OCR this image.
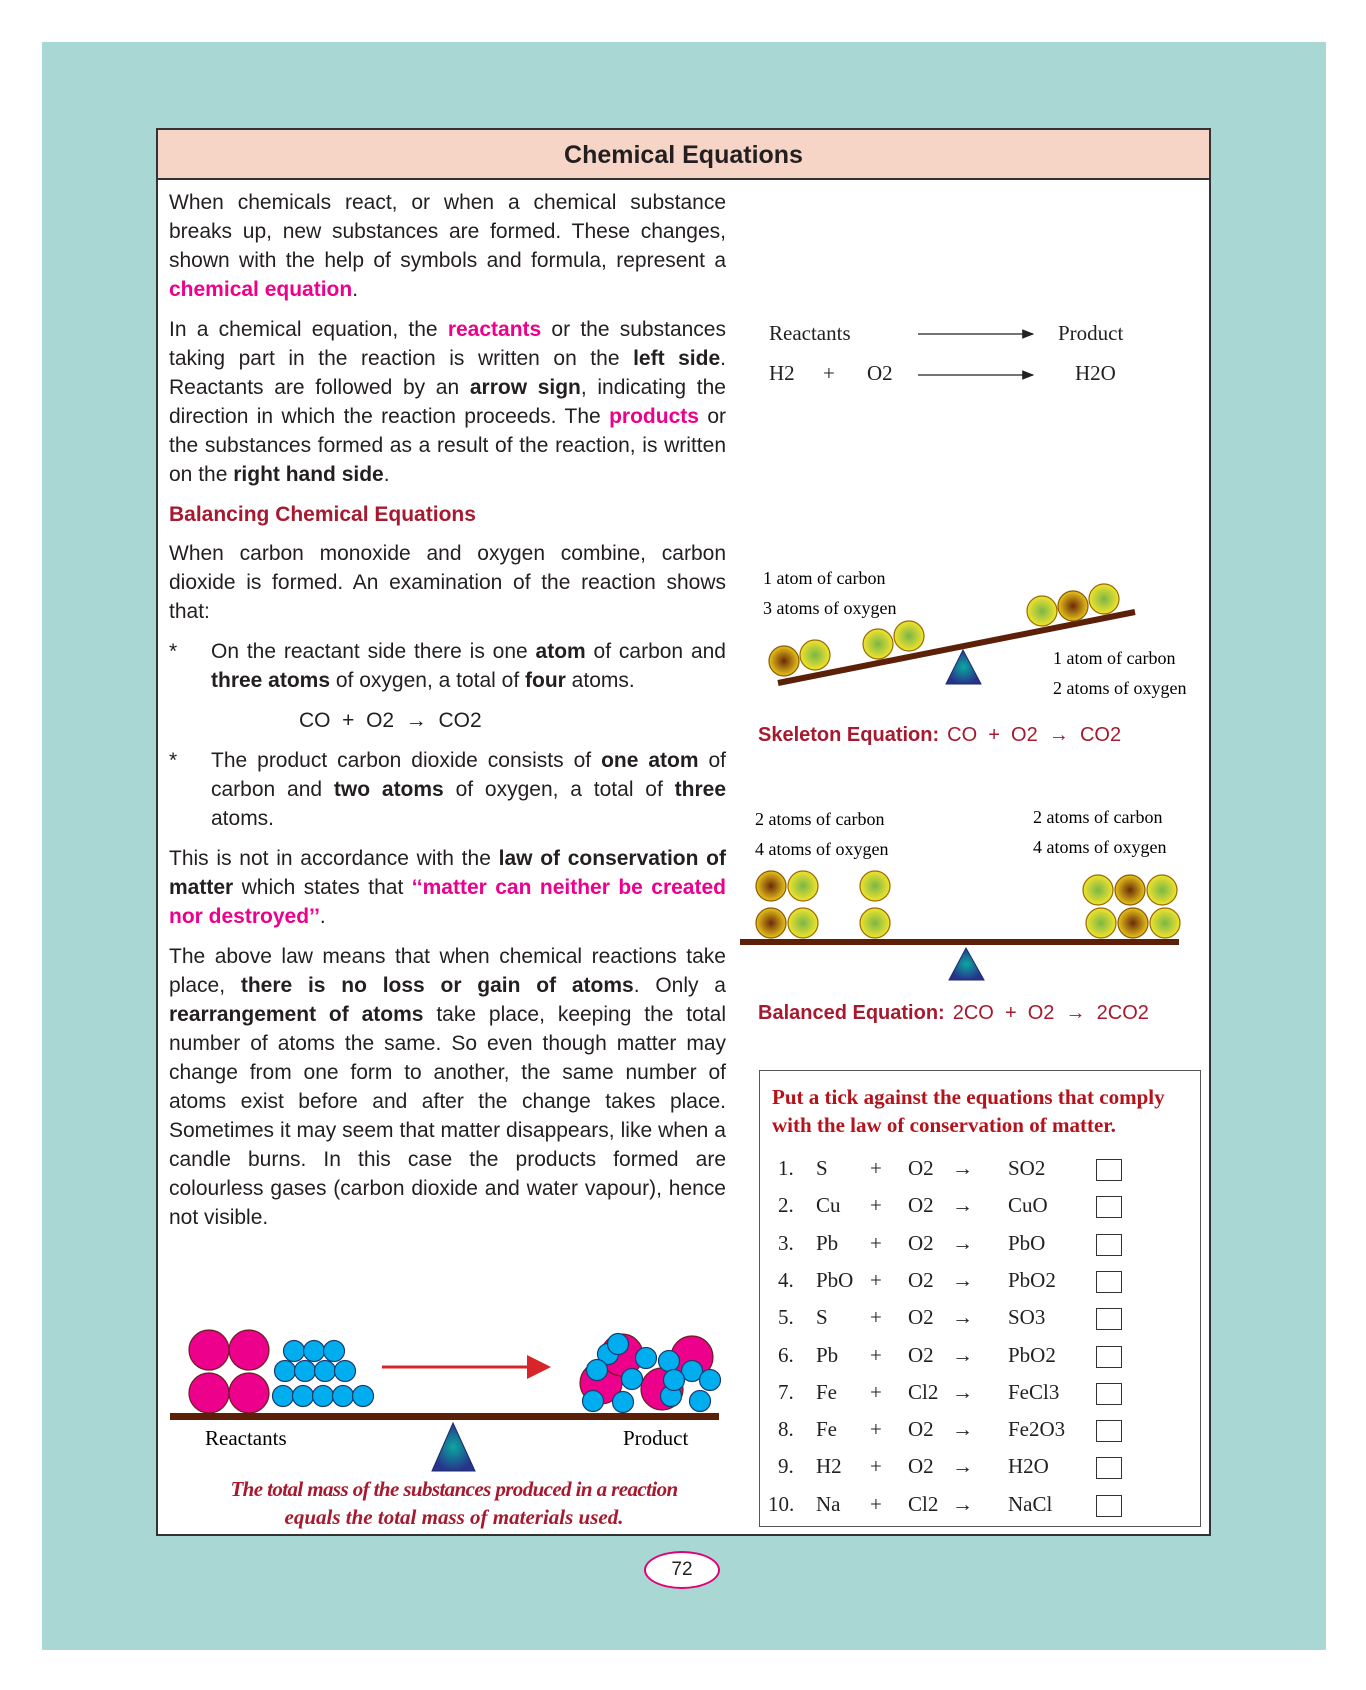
Chemical Equations

When chemicals react, or when a chemical substance breaks up, new substances are formed. These changes, shown with the help of symbols and formula, represent a chemical equation.

In a chemical equation, the reactants or the substances taking part in the reaction is written on the left side. Reactants are followed by an arrow sign, indicating the direction in which the reaction proceeds. The products or the substances formed as a result of the reaction, is written on the right hand side.

Balancing Chemical Equations

When carbon monoxide and oxygen combine, carbon dioxide is formed. An examination of the reaction shows that:

*	On the reactant side there is one atom of carbon and three atoms of oxygen, a total of four atoms.

CO  +  O2  →  CO2

*	The product carbon dioxide consists of one atom of carbon and two atoms of oxygen, a total of three atoms.

This is not in accordance with the law of conservation of matter which states that ‘‘matter can neither be created nor destroyed’’.

The above law means that when chemical reactions take place, there is no loss or gain of atoms. Only a rearrangement of atoms take place, keeping the total number of atoms the same. So even though matter may change from one form to another, the same number of atoms exist before and after the change takes place. Sometimes it may seem that matter disappears, like when a candle burns. In this case the products formed are colourless gases (carbon dioxide and water vapour), hence not visible.

Put a tick against the equations that comply with the law of conservation of matter.
1. S + O2 → SO2
2. Cu + O2 → CuO
3. Pb + O2 → PbO
4. PbO + O2 → PbO2
5. S + O2 → SO3
6. Pb + O2 → PbO2
7. Fe + Cl2 → FeCl3
8. Fe + O2 → Fe2O3
9. H2 + O2 → H2O
10. Na + Cl2 → NaCl
Reactants	Product
H2 + O2	H2O
1 atom of carbon
3 atoms of oxygen
1 atom of carbon
2 atoms of oxygen
Skeleton Equation: CO  +  O2  →  CO2
2 atoms of carbon
4 atoms of oxygen
2 atoms of carbon
4 atoms of oxygen
Balanced Equation: 2CO  +  O2  →  2CO2
Reactants	Product
The total mass of the substances produced in a reaction
equals the total mass of materials used.
72
